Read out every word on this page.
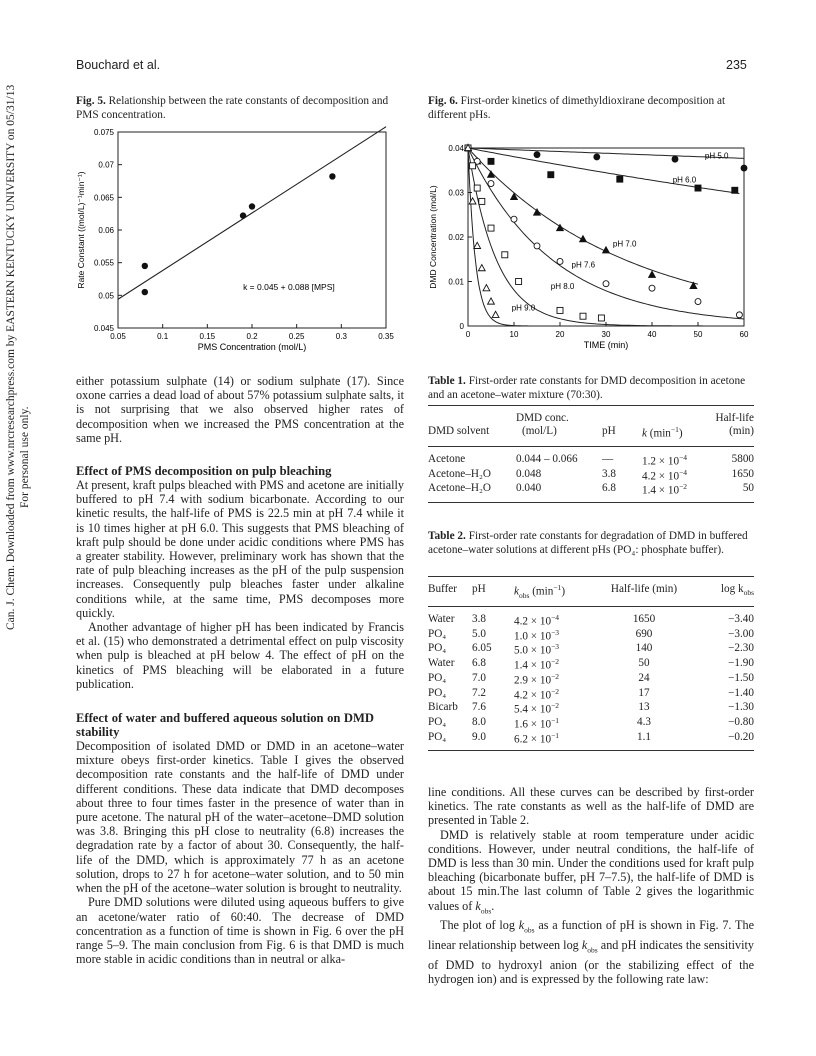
Bouchard et al.	235
Can. J. Chem. Downloaded from www.nrcresearchpress.com by EASTERN KENTUCKY UNIVERSITY on 05/31/13 For personal use only.
Fig. 5. Relationship between the rate constants of decomposition and PMS concentration.
0.05	0.1	0.15	0.2	0.25	0.3	0.35
0.045
0.05
0.055
0.06
0.065
0.07
0.075
PMS Concentration (mol/L)
Rate Constant ((mol/L)⁻¹min⁻¹)	k = 0.045 + 0.088 [MPS]
Fig. 6. First-order kinetics of dimethyldioxirane decomposition at different pHs.
0	10	20	30	40	50	60
0
0.01
0.02
0.03
0.04
pH 5.0
pH 6.0
pH 7.0
pH 7.6
pH 8.0
pH 9.0
TIME (min)
DMD Concentration (mol/L)

either potassium sulphate (14) or sodium sulphate (17). Since oxone carries a dead load of about 57% potassium sulphate salts, it is not surprising that we also observed higher rates of decomposition when we increased the PMS concentration at the same pH.

Effect of PMS decomposition on pulp bleaching

At present, kraft pulps bleached with PMS and acetone are initially buffered to pH 7.4 with sodium bicarbonate. According to our kinetic results, the half-life of PMS is 22.5 min at pH 7.4 while it is 10 times higher at pH 6.0. This suggests that PMS bleaching of kraft pulp should be done under acidic conditions where PMS has a greater stability. However, preliminary work has shown that the rate of pulp bleaching increases as the pH of the pulp suspension increases. Consequently pulp bleaches faster under alkaline conditions while, at the same time, PMS decomposes more quickly.

Another advantage of higher pH has been indicated by Francis et al. (15) who demonstrated a detrimental effect on pulp viscosity when pulp is bleached at pH below 4. The effect of pH on the kinetics of PMS bleaching will be elaborated in a future publication.

Effect of water and buffered aqueous solution on DMD stability

Decomposition of isolated DMD or DMD in an acetone–water mixture obeys first-order kinetics. Table I gives the observed decomposition rate constants and the half-life of DMD under different conditions. These data indicate that DMD decomposes about three to four times faster in the presence of water than in pure acetone. The natural pH of the water–acetone–DMD solution was 3.8. Bringing this pH close to neutrality (6.8) increases the degradation rate by a factor of about 30. Consequently, the half-life of the DMD, which is approximately 77 h as an acetone solution, drops to 27 h for acetone–water solution, and to 50 min when the pH of the acetone–water solution is brought to neutrality.

Pure DMD solutions were diluted using aqueous buffers to give an acetone/water ratio of 60:40. The decrease of DMD concentration as a function of time is shown in Fig. 6 over the pH range 5–9. The main conclusion from Fig. 6 is that DMD is much more stable in acidic conditions than in neutral or alka-

Table 1. First-order rate constants for DMD decomposition in acetone and an acetone–water mixture (70:30).
	DMD conc.			Half-life
DMD solvent	(mol/L)	pH	k $(\min^{-1})$	(min)
Acetone	0.044 – 0.066	—	$1.2 \times 10^{-4}$	5800
Acetone–H₂O	0.048	3.8	$4.2 \times 10^{-4}$	1650
Acetone–H₂O	0.040	6.8	$1.4 \times 10^{-2}$	50
Table 2. First-order rate constants for degradation of DMD in buffered acetone–water solutions at different pHs (PO₄: phosphate buffer).
Buffer	pH	$k_{obs}$ $(\min^{-1})$	Half-life (min)	$\log k_{obs}$
Water	3.8	$4.2 \times 10^{-4}$	1650	−3.40
PO₄	5.0	$1.0 \times 10^{-3}$	690	−3.00
PO₄	6.05	$5.0 \times 10^{-3}$	140	−2.30
Water	6.8	$1.4 \times 10^{-2}$	50	−1.90
PO₄	7.0	$2.9 \times 10^{-2}$	24	−1.50
PO₄	7.2	$4.2 \times 10^{-2}$	17	−1.40
Bicarb	7.6	$5.4 \times 10^{-2}$	13	−1.30
PO₄	8.0	$1.6 \times 10^{-1}$	4.3	−0.80
PO₄	9.0	$6.2 \times 10^{-1}$	1.1	−0.20

line conditions. All these curves can be described by first-order kinetics. The rate constants as well as the half-life of DMD are presented in Table 2.

DMD is relatively stable at room temperature under acidic conditions. However, under neutral conditions, the half-life of DMD is less than 30 min. Under the conditions used for kraft pulp bleaching (bicarbonate buffer, pH 7–7.5), the half-life of DMD is about 15 min.The last column of Table 2 gives the logarithmic values of $k_{obs}$.

The plot of $\log k_{obs}$ as a function of pH is shown in Fig. 7. The linear relationship between $\log k_{obs}$ and pH indicates the sensitivity of DMD to hydroxyl anion (or the stabilizing effect of the hydrogen ion) and is expressed by the following rate law:
